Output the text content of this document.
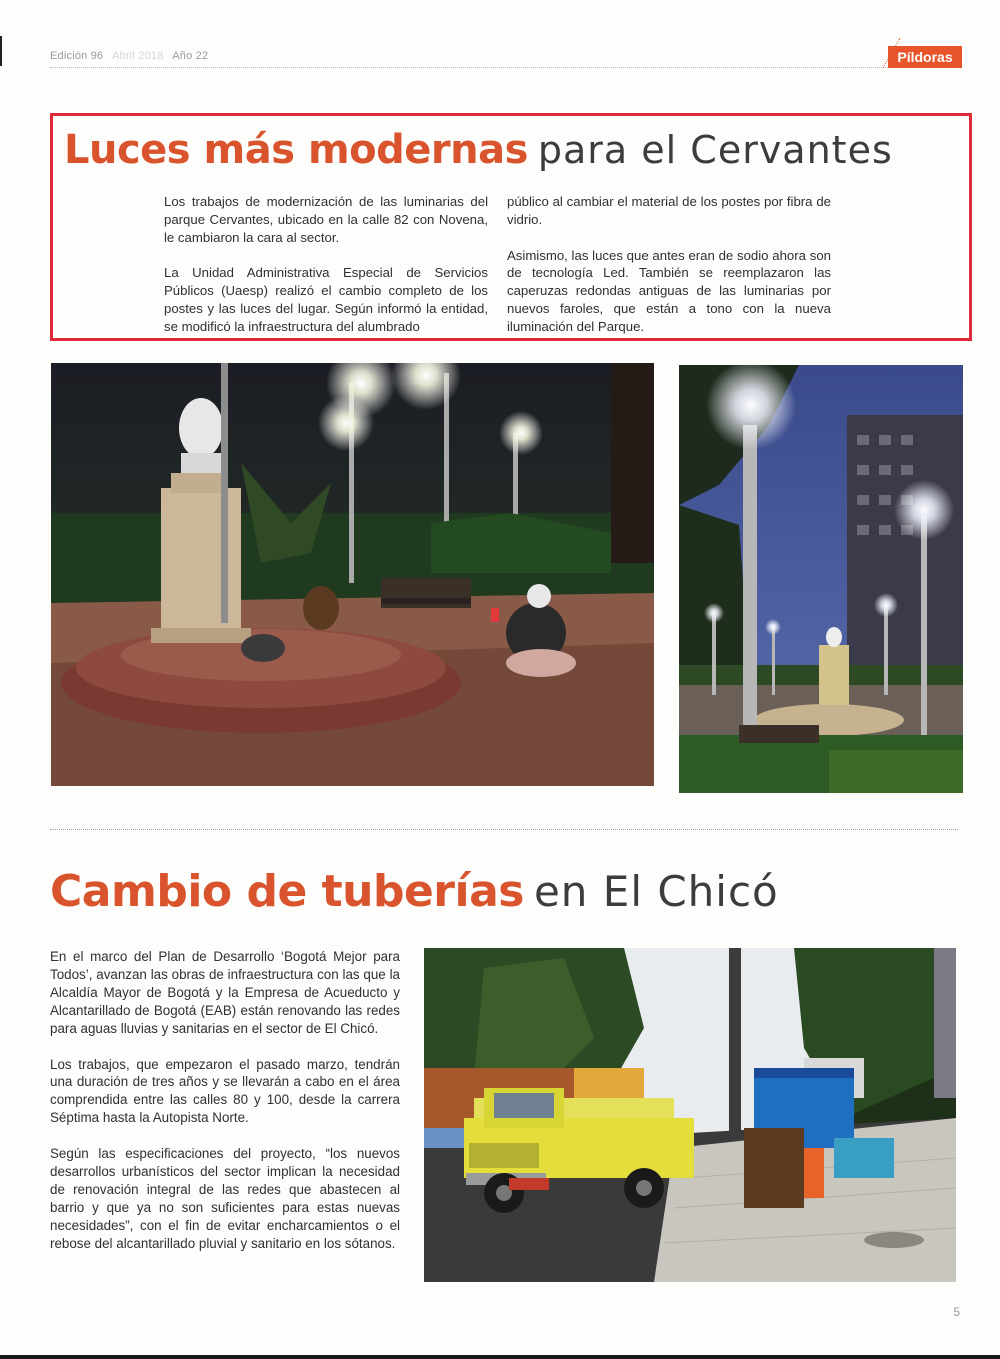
Edición 96 Abril 2018 Año 22	Píldoras
Luces más modernas para el Cervantes

Los trabajos de modernización de las luminarias del parque Cervantes, ubicado en la calle 82 con Novena, le cambiaron la cara al sector.

La Unidad Administrativa Especial de Servicios Públicos (Uaesp) realizó el cambio completo de los postes y las luces del lugar. Según informó la entidad, se modificó la infraestructura del alumbrado

público al cambiar el material de los postes por fibra de vidrio.

Asimismo, las luces que antes eran de sodio ahora son de tecnología Led. También se reemplazaron las caperuzas redondas antiguas de las luminarias por nuevos faroles, que están a tono con la nueva iluminación del Parque.

Cambio de tuberías en El Chicó

En el marco del Plan de Desarrollo ‘Bogotá Mejor para Todos’, avanzan las obras de infraestructura con las que la Alcaldía Mayor de Bogotá y la Empresa de Acueducto y Alcantarillado de Bogotá (EAB) están renovando las redes para aguas lluvias y sanitarias en el sector de El Chicó.

Los trabajos, que empezaron el pasado marzo, tendrán una duración de tres años y se llevarán a cabo en el área comprendida entre las calles 80 y 100, desde la carrera Séptima hasta la Autopista Norte.

Según las especificaciones del proyecto, “los nuevos desarrollos urbanísticos del sector implican la necesidad de renovación integral de las redes que abastecen al barrio y que ya no son suficientes para estas nuevas necesidades”, con el fin de evitar encharcamientos o el rebose del alcantarillado pluvial y sanitario en los sótanos.

5
